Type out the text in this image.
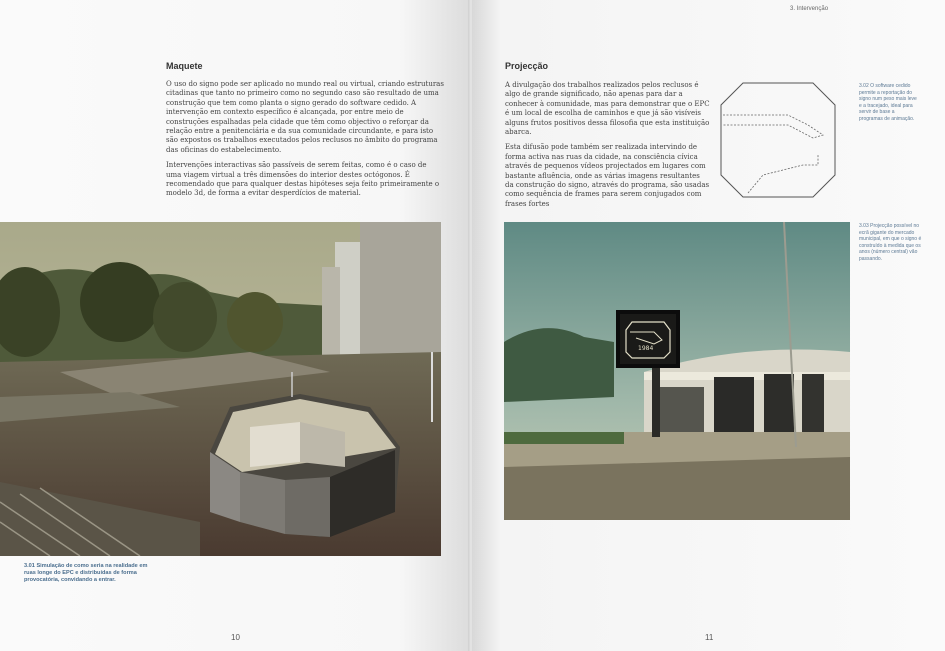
Maquete

O uso do signo pode ser aplicado no mundo real ou virtual, criando estruturas citadinas que tanto no primeiro como no segundo caso são resultado de uma construção que tem como planta o signo gerado do software cedido. A intervenção em contexto específico é alcançada, por entre meio de construções espalhadas pela cidade que têm como objectivo o reforçar da relação entre a penitenciária e da sua comunidade circundante, e para isto são expostos os trabalhos executados pelos reclusos no âmbito do programa das oficinas do estabelecimento.

Intervenções interactivas são passíveis de serem feitas, como é o caso de uma viagem virtual a três dimensões do interior destes octógonos. É recomendado que para qualquer destas hipóteses seja feito primeiramente o modelo 3d, de forma a evitar desperdícios de material.

3.01 Simulação de como seria na realidade em ruas longe do EPC e distribuídas de forma provocatória, convidando a entrar.
10
3. Intervenção
Projecção

A divulgação dos trabalhos realizados pelos reclusos é algo de grande significado, não apenas para dar a conhecer à comunidade, mas para demonstrar que o EPC é um local de escolha de caminhos e que já são visíveis alguns frutos positivos dessa filosofia que esta instituição abarca.

Esta difusão pode também ser realizada intervindo de forma activa nas ruas da cidade, na consciência cívica através de pequenos vídeos projectados em lugares com bastante afluência, onde as várias imagens resultantes da construção do signo, através do programa, são usadas como sequência de frames para serem conjugados com frases fortes

3.02 O software cedido permite a reportação do signo num peso mais leve e a tracejado, ideal para servir de base a programas de animação.
1984
3.03 Projecção possível no ecrã gigante do mercado municipal, em que o signo é construído à medida que os anos (número central) vão passando.
11
